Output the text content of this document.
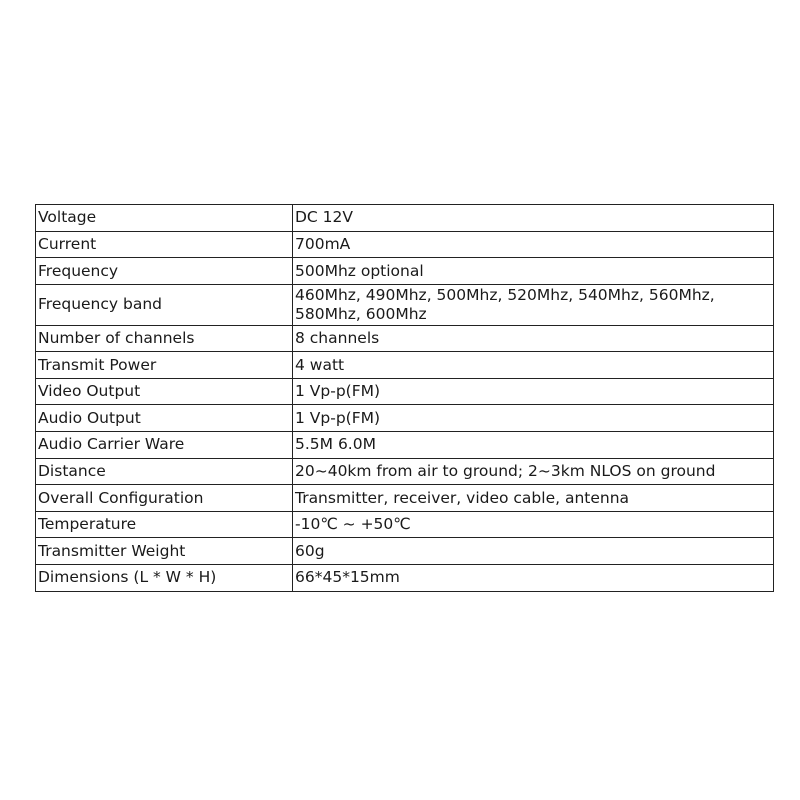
Voltage	DC 12V
Current	700mA
Frequency	500Mhz optional
Frequency band	460Mhz, 490Mhz, 500Mhz, 520Mhz, 540Mhz, 560Mhz, 580Mhz, 600Mhz
Number of channels	8 channels
Transmit Power	4 watt
Video Output	1 Vp-p(FM)
Audio Output	1 Vp-p(FM)
Audio Carrier Ware	5.5M 6.0M
Distance	20~40km from air to ground; 2~3km NLOS on ground
Overall Configuration	Transmitter, receiver, video cable, antenna
Temperature	-10℃ ~ +50℃
Transmitter Weight	60g
Dimensions (L * W * H)	66*45*15mm
